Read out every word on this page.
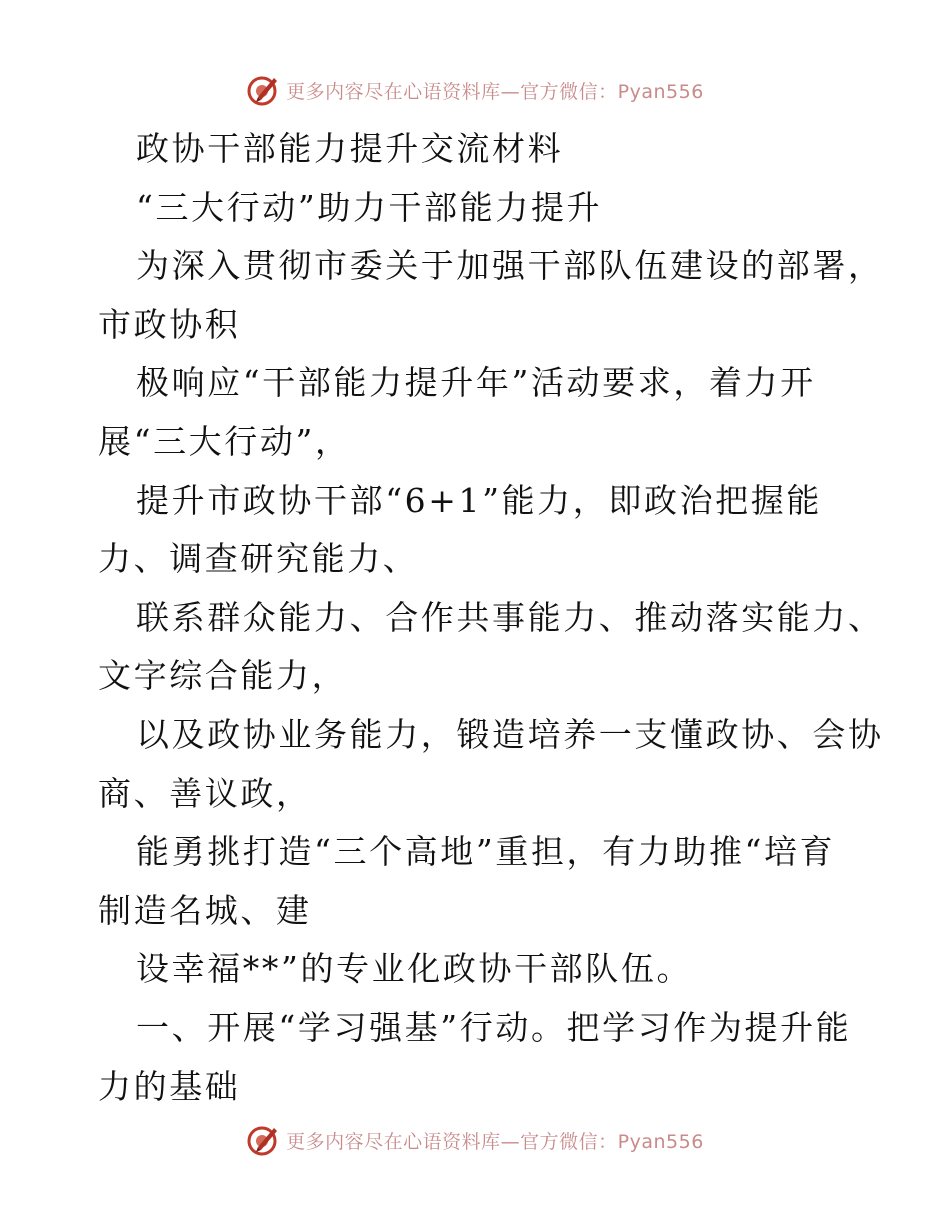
更多内容尽在心语资料库—官方微信：Pyan556

政协干部能力提升交流材料

“三大行动”助力干部能力提升

为深入贯彻市委关于加强干部队伍建设的部署，

市政协积

极响应“干部能力提升年”活动要求，着力开

展“三大行动”，

提升市政协干部“6+1”能力，即政治把握能

力、调查研究能力、

联系群众能力、合作共事能力、推动落实能力、

文字综合能力，

以及政协业务能力，锻造培养一支懂政协、会协

商、善议政，

能勇挑打造“三个高地”重担，有力助推“培育

制造名城、建

设幸福**”的专业化政协干部队伍。

一、开展“学习强基”行动。把学习作为提升能

力的基础

更多内容尽在心语资料库—官方微信：Pyan556
